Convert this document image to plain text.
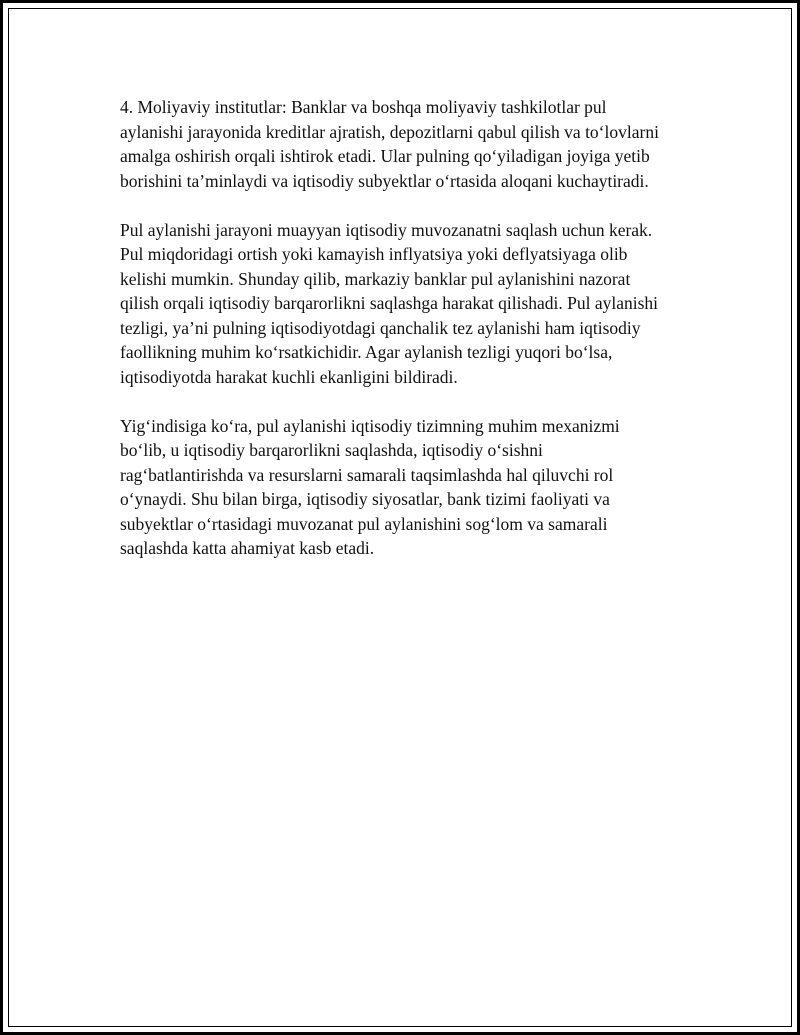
4. Moliyaviy institutlar: Banklar va boshqa moliyaviy tashkilotlar pul
aylanishi jarayonida kreditlar ajratish, depozitlarni qabul qilish va to‘lovlarni
amalga oshirish orqali ishtirok etadi. Ular pulning qo‘yiladigan joyiga yetib
borishini ta’minlaydi va iqtisodiy subyektlar o‘rtasida aloqani kuchaytiradi.

Pul aylanishi jarayoni muayyan iqtisodiy muvozanatni saqlash uchun kerak.
Pul miqdoridagi ortish yoki kamayish inflyatsiya yoki deflyatsiyaga olib
kelishi mumkin. Shunday qilib, markaziy banklar pul aylanishini nazorat
qilish orqali iqtisodiy barqarorlikni saqlashga harakat qilishadi. Pul aylanishi
tezligi, ya’ni pulning iqtisodiyotdagi qanchalik tez aylanishi ham iqtisodiy
faollikning muhim ko‘rsatkichidir. Agar aylanish tezligi yuqori bo‘lsa,
iqtisodiyotda harakat kuchli ekanligini bildiradi.

Yig‘indisiga ko‘ra, pul aylanishi iqtisodiy tizimning muhim mexanizmi
bo‘lib, u iqtisodiy barqarorlikni saqlashda, iqtisodiy o‘sishni
rag‘batlantirishda va resurslarni samarali taqsimlashda hal qiluvchi rol
o‘ynaydi. Shu bilan birga, iqtisodiy siyosatlar, bank tizimi faoliyati va
subyektlar o‘rtasidagi muvozanat pul aylanishini sog‘lom va samarali
saqlashda katta ahamiyat kasb etadi.
